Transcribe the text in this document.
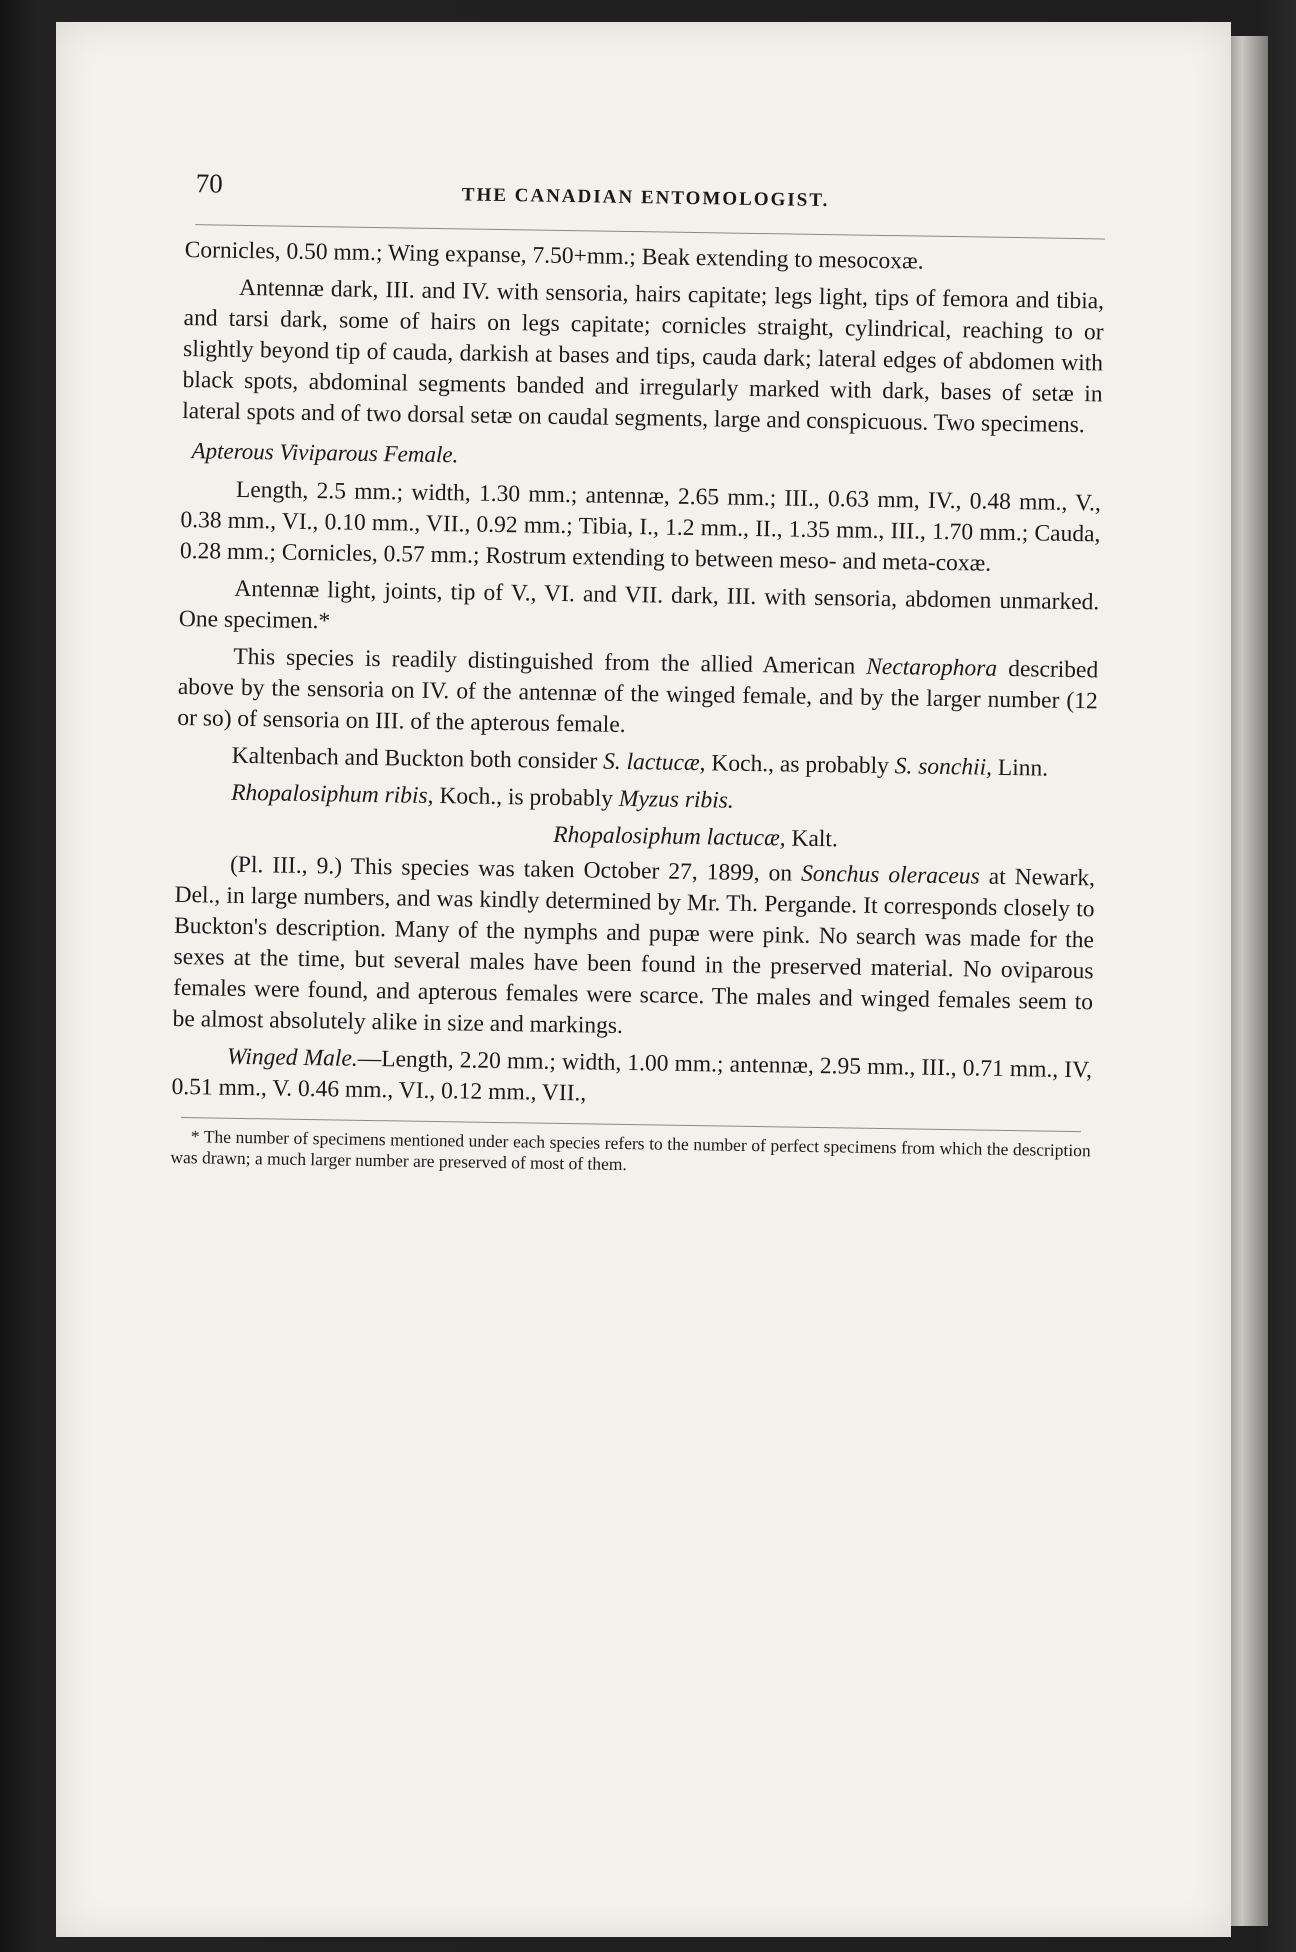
70	THE CANADIAN ENTOMOLOGIST.

Cornicles, 0.50 mm.; Wing expanse, 7.50+mm.; Beak extending to mesocoxæ.

Antennæ dark, III. and IV. with sensoria, hairs capitate; legs light, tips of femora and tibia, and tarsi dark, some of hairs on legs capitate; cornicles straight, cylindrical, reaching to or slightly beyond tip of cauda, darkish at bases and tips, cauda dark; lateral edges of abdomen with black spots, abdominal segments banded and irregularly marked with dark, bases of setæ in lateral spots and of two dorsal setæ on caudal segments, large and conspicuous. Two specimens.

Apterous Viviparous Female.

Length, 2.5 mm.; width, 1.30 mm.; antennæ, 2.65 mm.; III., 0.63 mm, IV., 0.48 mm., V., 0.38 mm., VI., 0.10 mm., VII., 0.92 mm.; Tibia, I., 1.2 mm., II., 1.35 mm., III., 1.70 mm.; Cauda, 0.28 mm.; Cornicles, 0.57 mm.; Rostrum extending to between meso- and meta-coxæ.

Antennæ light, joints, tip of V., VI. and VII. dark, III. with sensoria, abdomen unmarked. One specimen.*

This species is readily distinguished from the allied American Nectarophora described above by the sensoria on IV. of the antennæ of the winged female, and by the larger number (12 or so) of sensoria on III. of the apterous female.

Kaltenbach and Buckton both consider S. lactucæ, Koch., as probably S. sonchii, Linn.

Rhopalosiphum ribis, Koch., is probably Myzus ribis.

Rhopalosiphum lactucæ, Kalt.

(Pl. III., 9.) This species was taken October 27, 1899, on Sonchus oleraceus at Newark, Del., in large numbers, and was kindly determined by Mr. Th. Pergande. It corresponds closely to Buckton's description. Many of the nymphs and pupæ were pink. No search was made for the sexes at the time, but several males have been found in the preserved material. No oviparous females were found, and apterous females were scarce. The males and winged females seem to be almost absolutely alike in size and markings.

Winged Male.—Length, 2.20 mm.; width, 1.00 mm.; antennæ, 2.95 mm., III., 0.71 mm., IV, 0.51 mm., V. 0.46 mm., VI., 0.12 mm., VII.,

* The number of specimens mentioned under each species refers to the number of perfect specimens from which the description was drawn; a much larger number are preserved of most of them.
